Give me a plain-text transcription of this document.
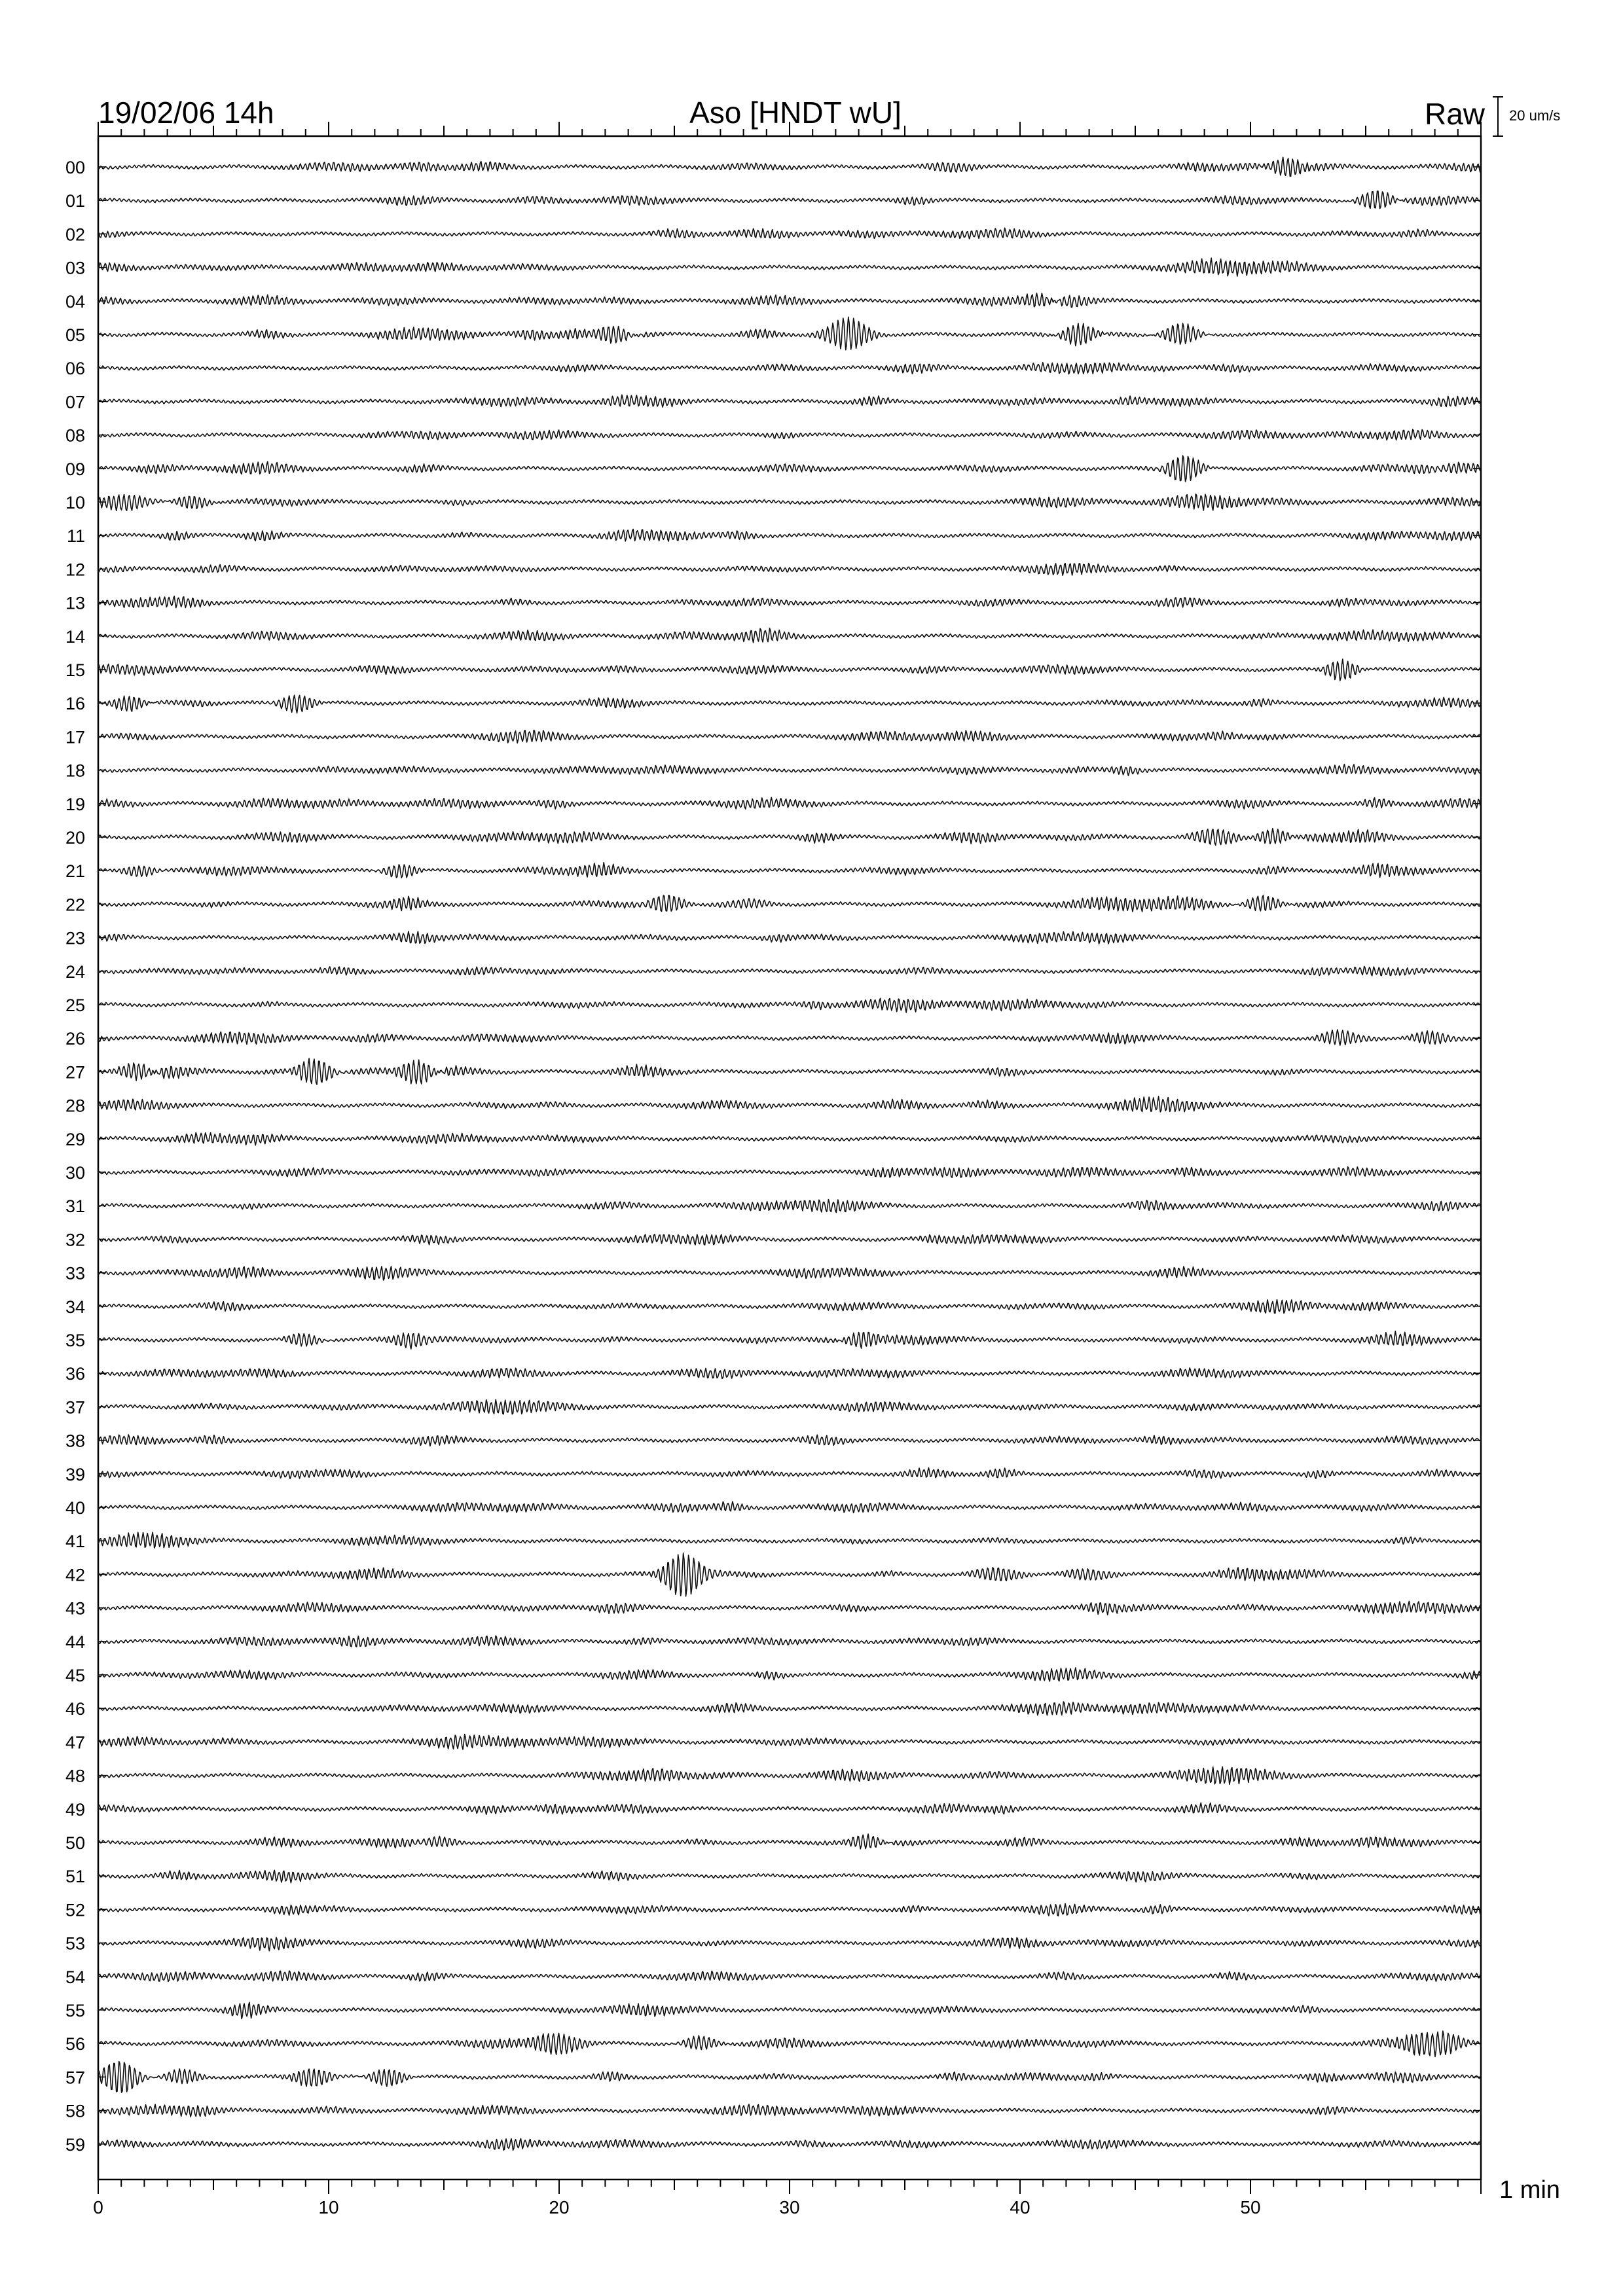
0	10	20	30	40	50
00
01
02
03
04
05
06
07
08
09
10
11
12
13
14
15
16
17
18
19
20
21
22
23
24
25
26
27
28
29
30
31
32
33
34
35
36
37
38
39
40
41
42
43
44
45
46
47
48
49
50
51
52
53
54
55
56
57
58
59
19/02/06 14h	Aso [HNDT wU]	Raw 20 um/s
1 min
